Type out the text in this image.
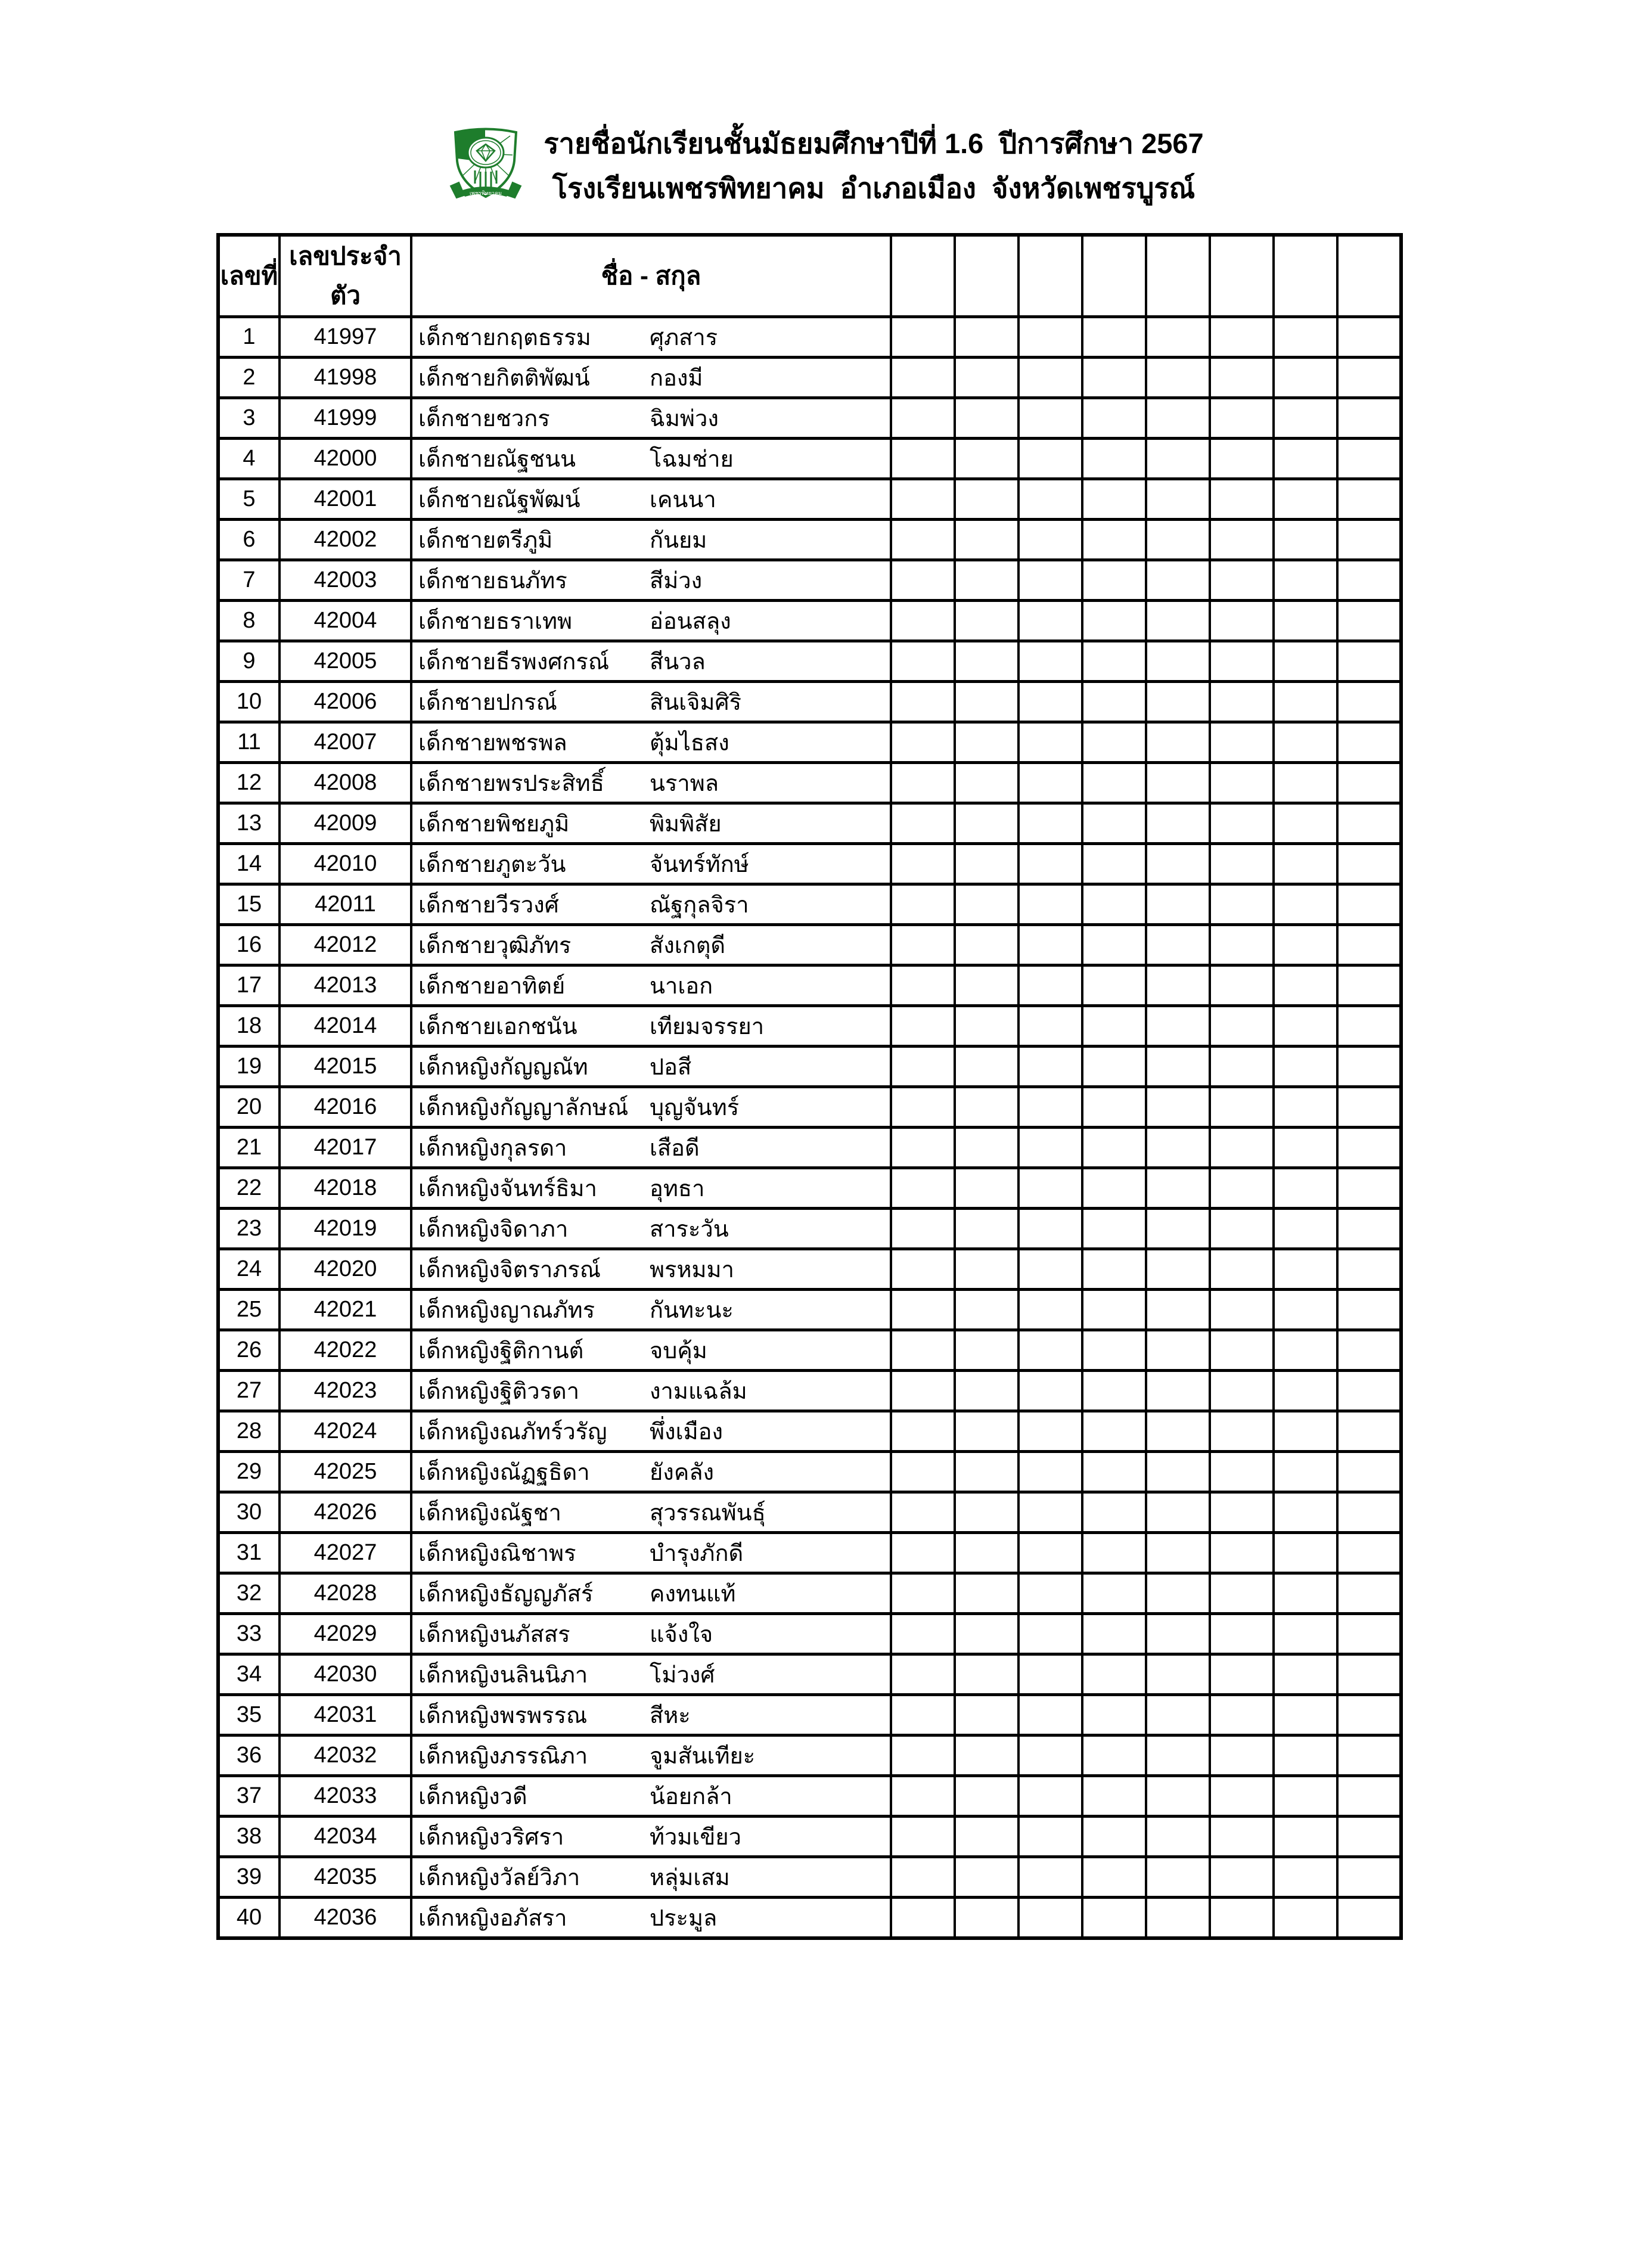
เพชรพิทยาคม
รายชื่อนักเรียนชั้นมัธยมศึกษาปีที่ 1.6  ปีการศึกษา 2567
โรงเรียนเพชรพิทยาคม  อำเภอเมือง  จังหวัดเพชรบูรณ์
เลขที่	เลขประจำตัว	ชื่อ - สกุล								
1	41997	เด็กชายกฤตธรรม ศุภสาร								
2	41998	เด็กชายกิตติพัฒน์ กองมี								
3	41999	เด็กชายชวกร ฉิมพ่วง								
4	42000	เด็กชายณัฐชนน โฉมช่าย								
5	42001	เด็กชายณัฐพัฒน์ เคนนา								
6	42002	เด็กชายตรีภูมิ กันยม								
7	42003	เด็กชายธนภัทร สีม่วง								
8	42004	เด็กชายธราเทพ อ่อนสลุง								
9	42005	เด็กชายธีรพงศกรณ์ สีนวล								
10	42006	เด็กชายปกรณ์ สินเจิมศิริ								
11	42007	เด็กชายพชรพล ตุ้มไธสง								
12	42008	เด็กชายพรประสิทธิ์ นราพล								
13	42009	เด็กชายพิชยภูมิ พิมพิสัย								
14	42010	เด็กชายภูตะวัน จันทร์ทักษ์								
15	42011	เด็กชายวีรวงศ์ ณัฐกุลจิรา								
16	42012	เด็กชายวุฒิภัทร สังเกตุดี								
17	42013	เด็กชายอาทิตย์ นาเอก								
18	42014	เด็กชายเอกชนัน เทียมจรรยา								
19	42015	เด็กหญิงกัญญณัท ปอสี								
20	42016	เด็กหญิงกัญญาลักษณ์ บุญจันทร์								
21	42017	เด็กหญิงกุลรดา เสือดี								
22	42018	เด็กหญิงจันทร์ธิมา อุทธา								
23	42019	เด็กหญิงจิดาภา สาระวัน								
24	42020	เด็กหญิงจิตราภรณ์ พรหมมา								
25	42021	เด็กหญิงญาณภัทร กันทะนะ								
26	42022	เด็กหญิงฐิติกานต์ จบคุ้ม								
27	42023	เด็กหญิงฐิติวรดา งามแฉล้ม								
28	42024	เด็กหญิงณภัทร์วรัญ พึ่งเมือง								
29	42025	เด็กหญิงณัฏฐธิดา ยังคลัง								
30	42026	เด็กหญิงณัฐชา สุวรรณพันธุ์								
31	42027	เด็กหญิงณิชาพร บำรุงภักดี								
32	42028	เด็กหญิงธัญญภัสร์ คงทนแท้								
33	42029	เด็กหญิงนภัสสร แจ้งใจ								
34	42030	เด็กหญิงนลินนิภา โม่วงศ์								
35	42031	เด็กหญิงพรพรรณ สีหะ								
36	42032	เด็กหญิงภรรณิภา จูมสันเทียะ								
37	42033	เด็กหญิงวดี น้อยกล้า								
38	42034	เด็กหญิงวริศรา ท้วมเขียว								
39	42035	เด็กหญิงวัลย์วิภา หลุ่มเสม								
40	42036	เด็กหญิงอภัสรา ประมูล								
